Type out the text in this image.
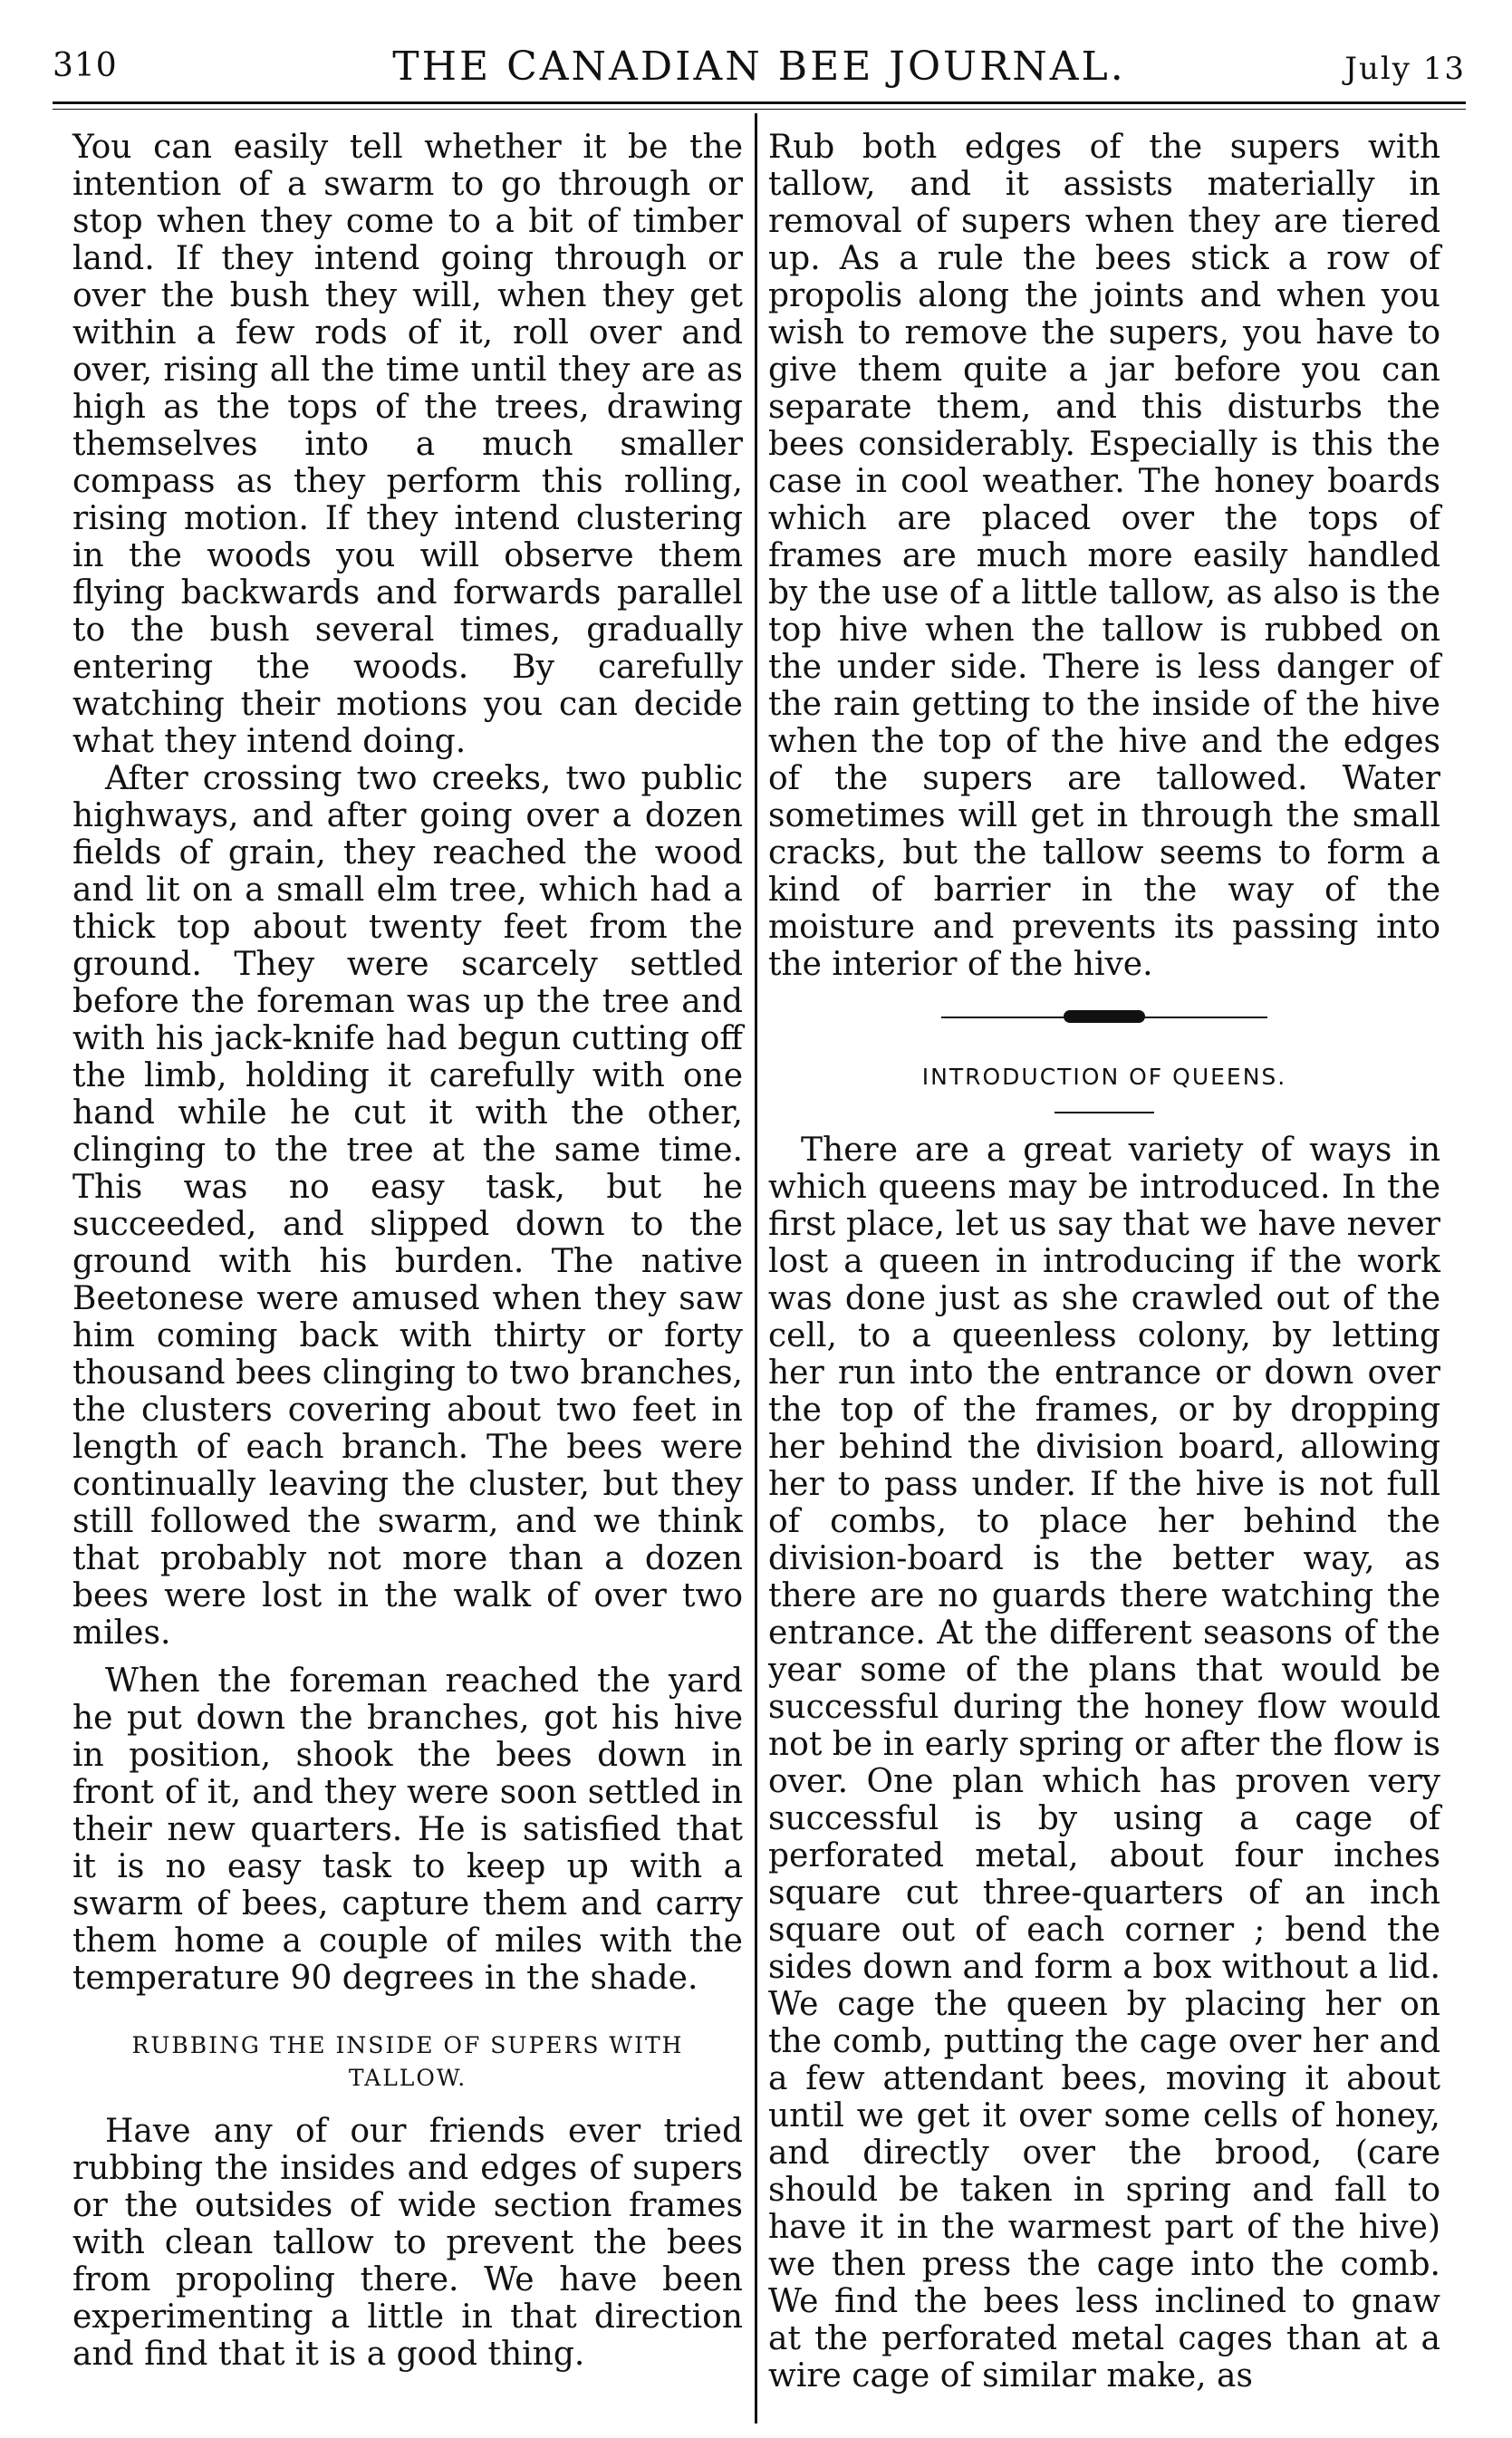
310	THE CANADIAN BEE JOURNAL.	July 13

You can easily tell whether it be the intention of a swarm to go through or stop when they come to a bit of timber land. If they intend going through or over the bush they will, when they get within a few rods of it, roll over and over, rising all the time until they are as high as the tops of the trees, drawing themselves into a much smaller compass as they perform this rolling, rising motion. If they intend clustering in the woods you will observe them flying backwards and forwards parallel to the bush several times, gradually entering the woods. By carefully watching their motions you can decide what they intend doing.

After crossing two creeks, two public highways, and after going over a dozen fields of grain, they reached the wood and lit on a small elm tree, which had a thick top about twenty feet from the ground. They were scarcely settled before the foreman was up the tree and with his jack-knife had begun cutting off the limb, holding it carefully with one hand while he cut it with the other, clinging to the tree at the same time. This was no easy task, but he succeeded, and slipped down to the ground with his burden. The native Beetonese were amused when they saw him coming back with thirty or forty thousand bees clinging to two branches, the clusters covering about two feet in length of each branch. The bees were continually leaving the cluster, but they still followed the swarm, and we think that probably not more than a dozen bees were lost in the walk of over two miles.

When the foreman reached the yard he put down the branches, got his hive in position, shook the bees down in front of it, and they were soon settled in their new quarters. He is satisfied that it is no easy task to keep up with a swarm of bees, capture them and carry them home a couple of miles with the temperature 90 degrees in the shade.

RUBBING THE INSIDE OF SUPERS WITH
TALLOW.

Have any of our friends ever tried rubbing the insides and edges of supers or the outsides of wide section frames with clean tallow to prevent the bees from propoling there. We have been experimenting a little in that direction and find that it is a good thing.

Rub both edges of the supers with tallow, and it assists materially in removal of supers when they are tiered up. As a rule the bees stick a row of propolis along the joints and when you wish to remove the supers, you have to give them quite a jar before you can separate them, and this disturbs the bees considerably. Especially is this the case in cool weather. The honey boards which are placed over the tops of frames are much more easily handled by the use of a little tallow, as also is the top hive when the tallow is rubbed on the under side. There is less danger of the rain getting to the inside of the hive when the top of the hive and the edges of the supers are tallowed. Water sometimes will get in through the small cracks, but the tallow seems to form a kind of barrier in the way of the moisture and prevents its passing into the interior of the hive.

INTRODUCTION OF QUEENS.

There are a great variety of ways in which queens may be introduced. In the first place, let us say that we have never lost a queen in introducing if the work was done just as she crawled out of the cell, to a queenless colony, by letting her run into the entrance or down over the top of the frames, or by dropping her behind the division board, allowing her to pass under. If the hive is not full of combs, to place her behind the division-board is the better way, as there are no guards there watching the entrance. At the different seasons of the year some of the plans that would be successful during the honey flow would not be in early spring or after the flow is over. One plan which has proven very successful is by using a cage of perforated metal, about four inches square cut three-quarters of an inch square out of each corner ; bend the sides down and form a box without a lid. We cage the queen by placing her on the comb, putting the cage over her and a few attendant bees, moving it about until we get it over some cells of honey, and directly over the brood, (care should be taken in spring and fall to have it in the warmest part of the hive) we then press the cage into the comb. We find the bees less inclined to gnaw at the perforated metal cages than at a wire cage of similar make, as
